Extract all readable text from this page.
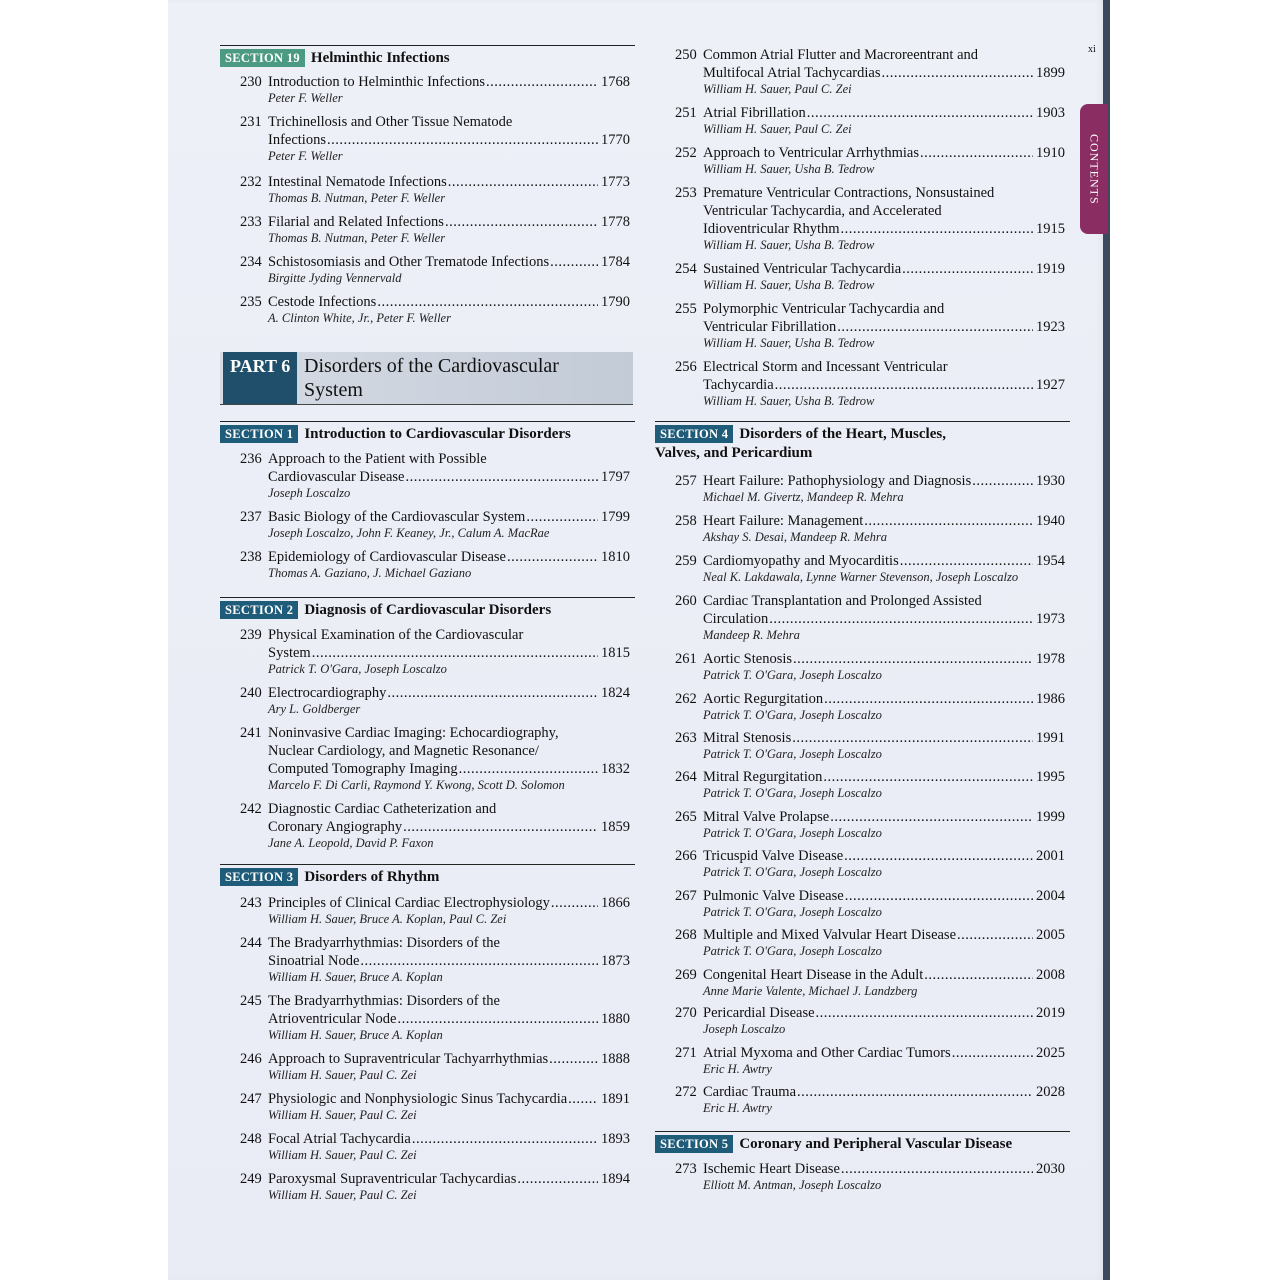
xi
CONTENTS
SECTION 19 Helminthic Infections
230 Introduction to Helminthic Infections .....	1768
Peter F. Weller
231 Trichinellosis and Other Tissue Nematode
Infections .....	1770
Peter F. Weller
232 Intestinal Nematode Infections .....	1773
Thomas B. Nutman, Peter F. Weller
233 Filarial and Related Infections .....	1778
Thomas B. Nutman, Peter F. Weller
234 Schistosomiasis and Other Trematode Infections .....	1784
Birgitte Jyding Vennervald
235 Cestode Infections .....	1790
A. Clinton White, Jr., Peter F. Weller
PART 6 Disorders of the Cardiovascular
System
SECTION 1 Introduction to Cardiovascular Disorders
236 Approach to the Patient with Possible
Cardiovascular Disease .....	1797
Joseph Loscalzo
237 Basic Biology of the Cardiovascular System .....	1799
Joseph Loscalzo, John F. Keaney, Jr., Calum A. MacRae
238 Epidemiology of Cardiovascular Disease .....	1810
Thomas A. Gaziano, J. Michael Gaziano
SECTION 2 Diagnosis of Cardiovascular Disorders
239 Physical Examination of the Cardiovascular
System .....	1815
Patrick T. O'Gara, Joseph Loscalzo
240 Electrocardiography .....	1824
Ary L. Goldberger
241 Noninvasive Cardiac Imaging: Echocardiography,
Nuclear Cardiology, and Magnetic Resonance/
Computed Tomography Imaging .....	1832
Marcelo F. Di Carli, Raymond Y. Kwong, Scott D. Solomon
242 Diagnostic Cardiac Catheterization and
Coronary Angiography .....	1859
Jane A. Leopold, David P. Faxon
SECTION 3 Disorders of Rhythm
243 Principles of Clinical Cardiac Electrophysiology .....	1866
William H. Sauer, Bruce A. Koplan, Paul C. Zei
244 The Bradyarrhythmias: Disorders of the
Sinoatrial Node .....	1873
William H. Sauer, Bruce A. Koplan
245 The Bradyarrhythmias: Disorders of the
Atrioventricular Node .....	1880
William H. Sauer, Bruce A. Koplan
246 Approach to Supraventricular Tachyarrhythmias .....	1888
William H. Sauer, Paul C. Zei
247 Physiologic and Nonphysiologic Sinus Tachycardia ..... 1891
William H. Sauer, Paul C. Zei
248 Focal Atrial Tachycardia .....	1893
William H. Sauer, Paul C. Zei
249 Paroxysmal Supraventricular Tachycardias .....	1894
William H. Sauer, Paul C. Zei
250 Common Atrial Flutter and Macroreentrant and
Multifocal Atrial Tachycardias .....	1899
William H. Sauer, Paul C. Zei
251 Atrial Fibrillation .....	1903
William H. Sauer, Paul C. Zei
252 Approach to Ventricular Arrhythmias .....	1910
William H. Sauer, Usha B. Tedrow
253 Premature Ventricular Contractions, Nonsustained
Ventricular Tachycardia, and Accelerated
Idioventricular Rhythm .....	1915
William H. Sauer, Usha B. Tedrow
254 Sustained Ventricular Tachycardia .....	1919
William H. Sauer, Usha B. Tedrow
255 Polymorphic Ventricular Tachycardia and
Ventricular Fibrillation .....	1923
William H. Sauer, Usha B. Tedrow
256 Electrical Storm and Incessant Ventricular
Tachycardia .....	1927
William H. Sauer, Usha B. Tedrow
SECTION 4 Disorders of the Heart, Muscles,
Valves, and Pericardium
257 Heart Failure: Pathophysiology and Diagnosis .....	1930
Michael M. Givertz, Mandeep R. Mehra
258 Heart Failure: Management .....	1940
Akshay S. Desai, Mandeep R. Mehra
259 Cardiomyopathy and Myocarditis .....	1954
Neal K. Lakdawala, Lynne Warner Stevenson, Joseph Loscalzo
260 Cardiac Transplantation and Prolonged Assisted
Circulation .....	1973
Mandeep R. Mehra
261 Aortic Stenosis .....	1978
Patrick T. O'Gara, Joseph Loscalzo
262 Aortic Regurgitation .....	1986
Patrick T. O'Gara, Joseph Loscalzo
263 Mitral Stenosis .....	1991
Patrick T. O'Gara, Joseph Loscalzo
264 Mitral Regurgitation .....	1995
Patrick T. O'Gara, Joseph Loscalzo
265 Mitral Valve Prolapse .....	1999
Patrick T. O'Gara, Joseph Loscalzo
266 Tricuspid Valve Disease .....	2001
Patrick T. O'Gara, Joseph Loscalzo
267 Pulmonic Valve Disease .....	2004
Patrick T. O'Gara, Joseph Loscalzo
268 Multiple and Mixed Valvular Heart Disease .....	2005
Patrick T. O'Gara, Joseph Loscalzo
269 Congenital Heart Disease in the Adult .....	2008
Anne Marie Valente, Michael J. Landzberg
270 Pericardial Disease .....	2019
Joseph Loscalzo
271 Atrial Myxoma and Other Cardiac Tumors .....	2025
Eric H. Awtry
272 Cardiac Trauma .....	2028
Eric H. Awtry
SECTION 5 Coronary and Peripheral Vascular Disease
273 Ischemic Heart Disease .....	2030
Elliott M. Antman, Joseph Loscalzo
